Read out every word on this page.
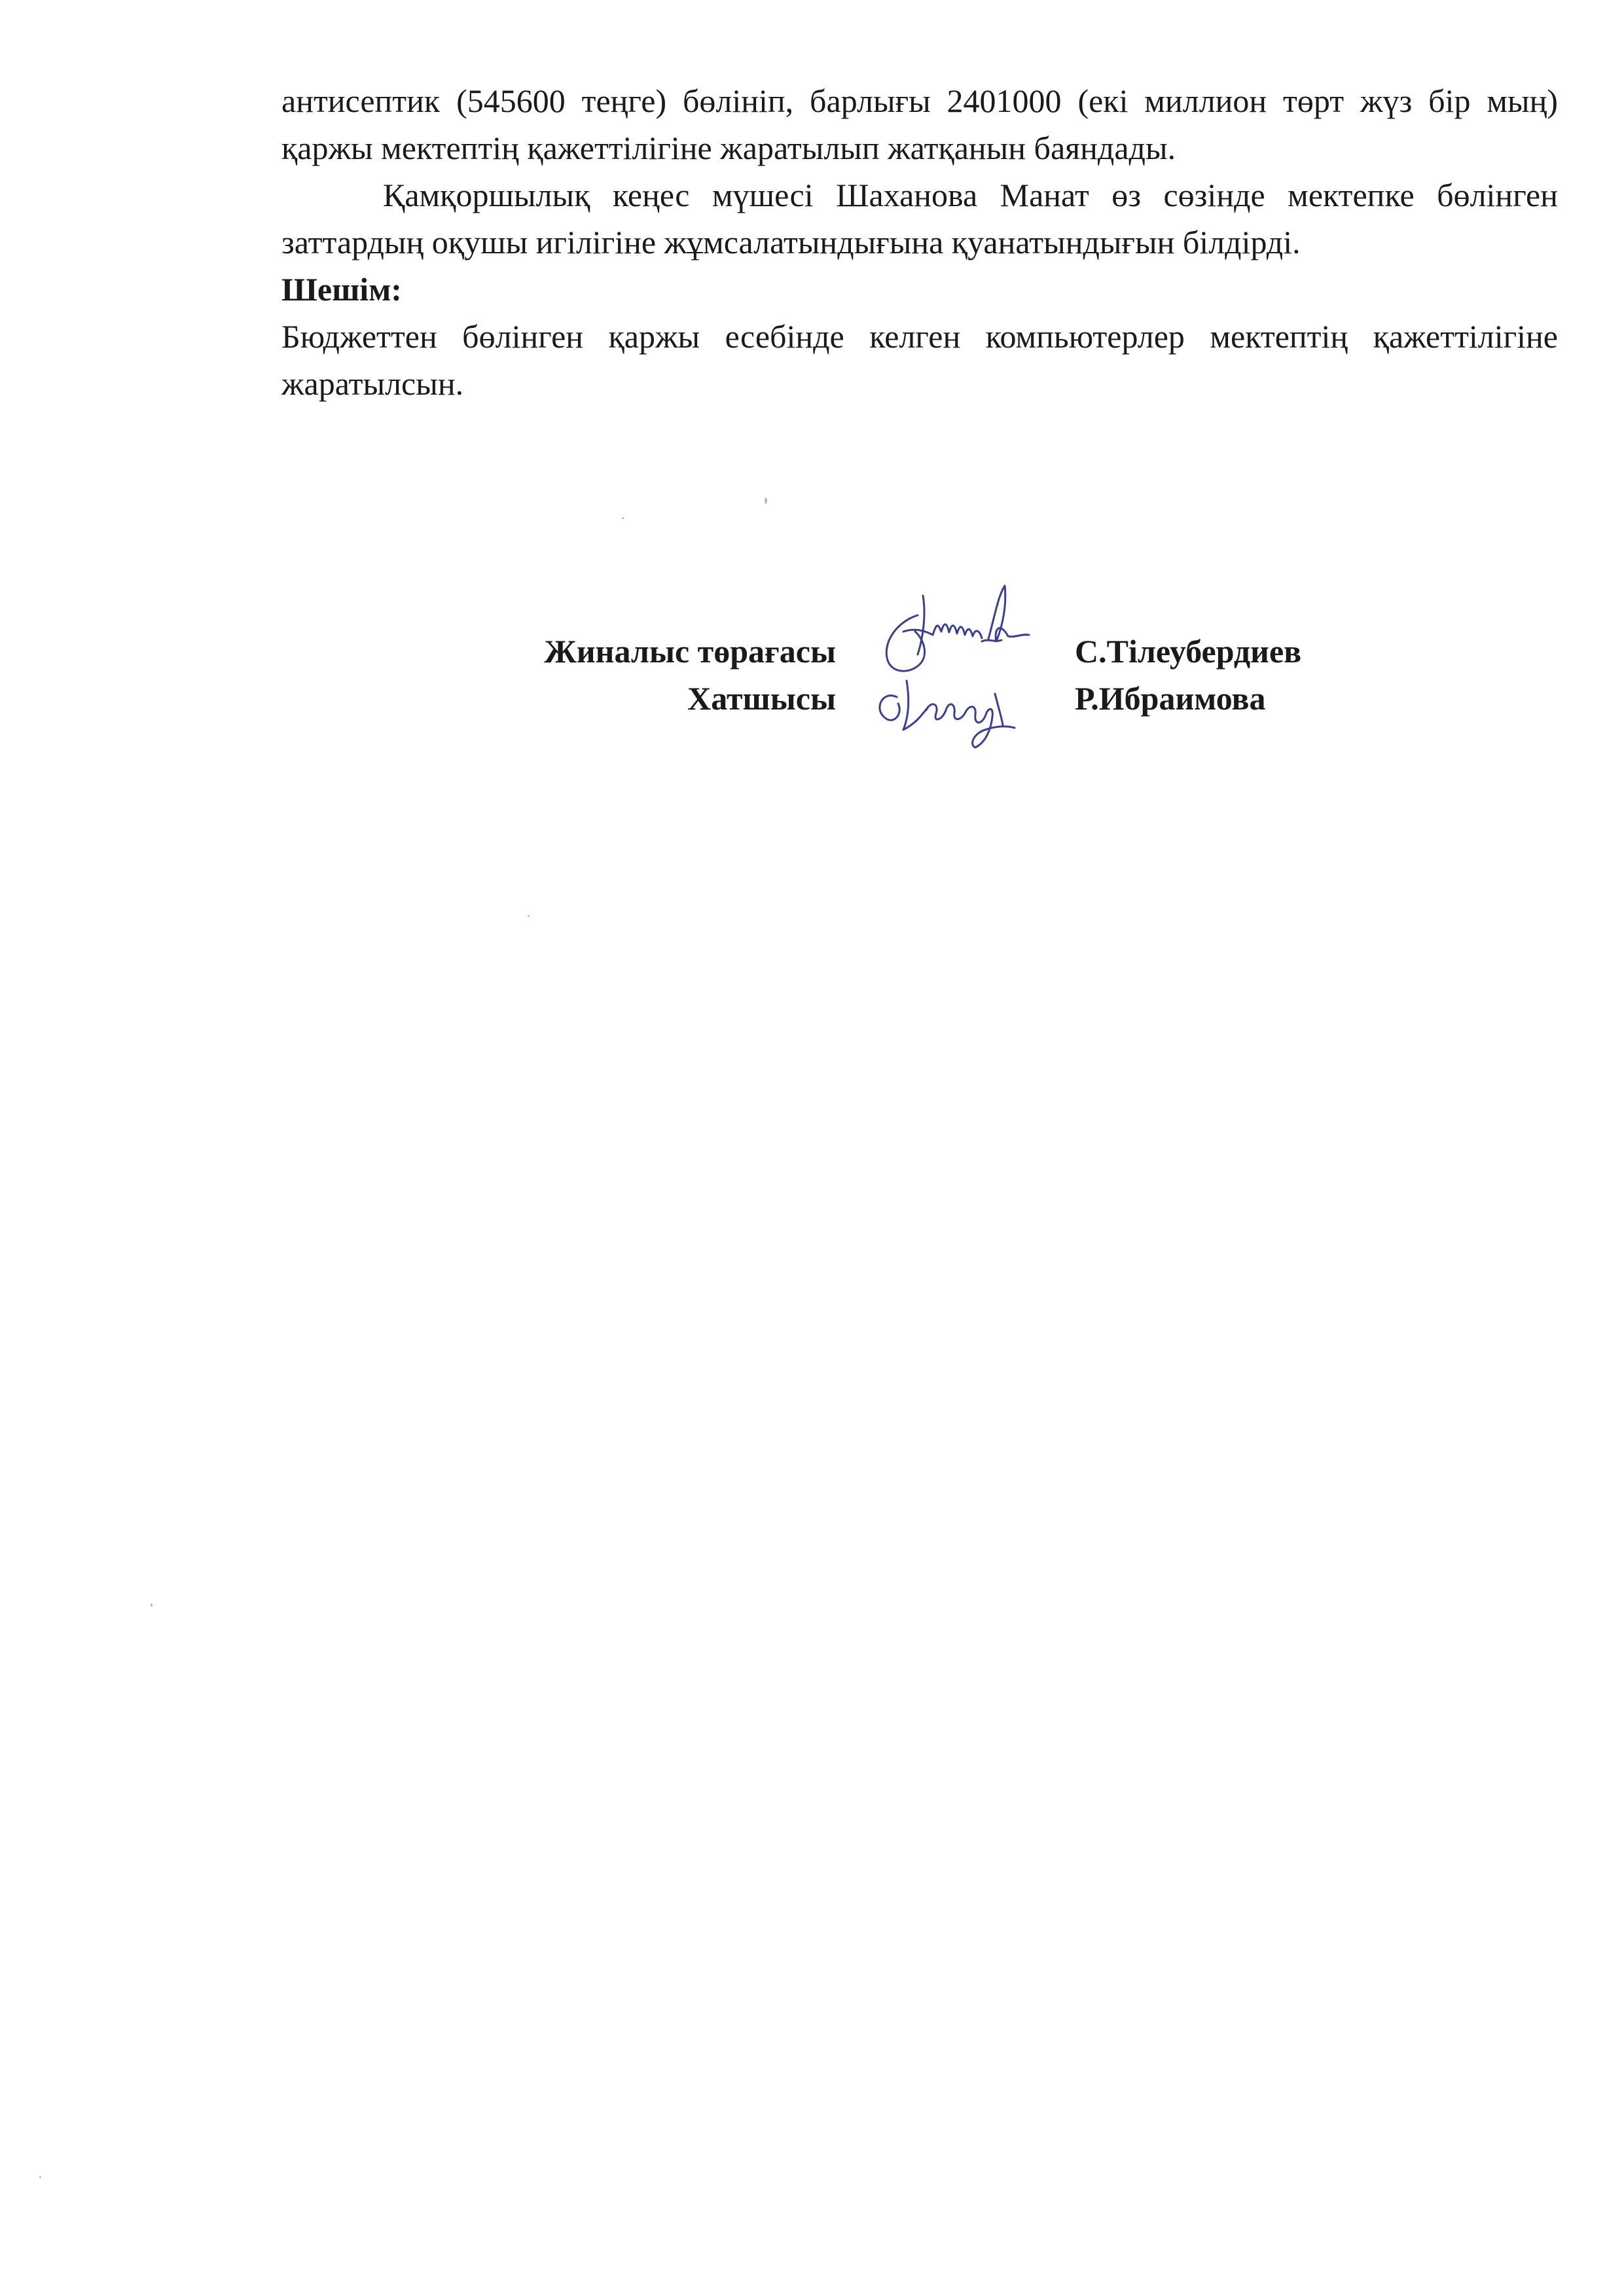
антисептик (545600 теңге) бөлініп, барлығы 2401000 (екі миллион төрт жүз бір мың) қаржы мектептің қажеттілігіне жаратылып жатқанын баяндады.

Қамқоршылық кеңес мүшесі Шаханова Манат өз сөзінде мектепке бөлінген заттардың оқушы игілігіне жұмсалатындығына қуанатындығын білдірді.

Шешім:

Бюджеттен бөлінген қаржы есебінде келген компьютерлер мектептің қажеттілігіне жаратылсын.

Жиналыс төрағасы	С.Тілеубердиев
Хатшысы	Р.Ибраимова
